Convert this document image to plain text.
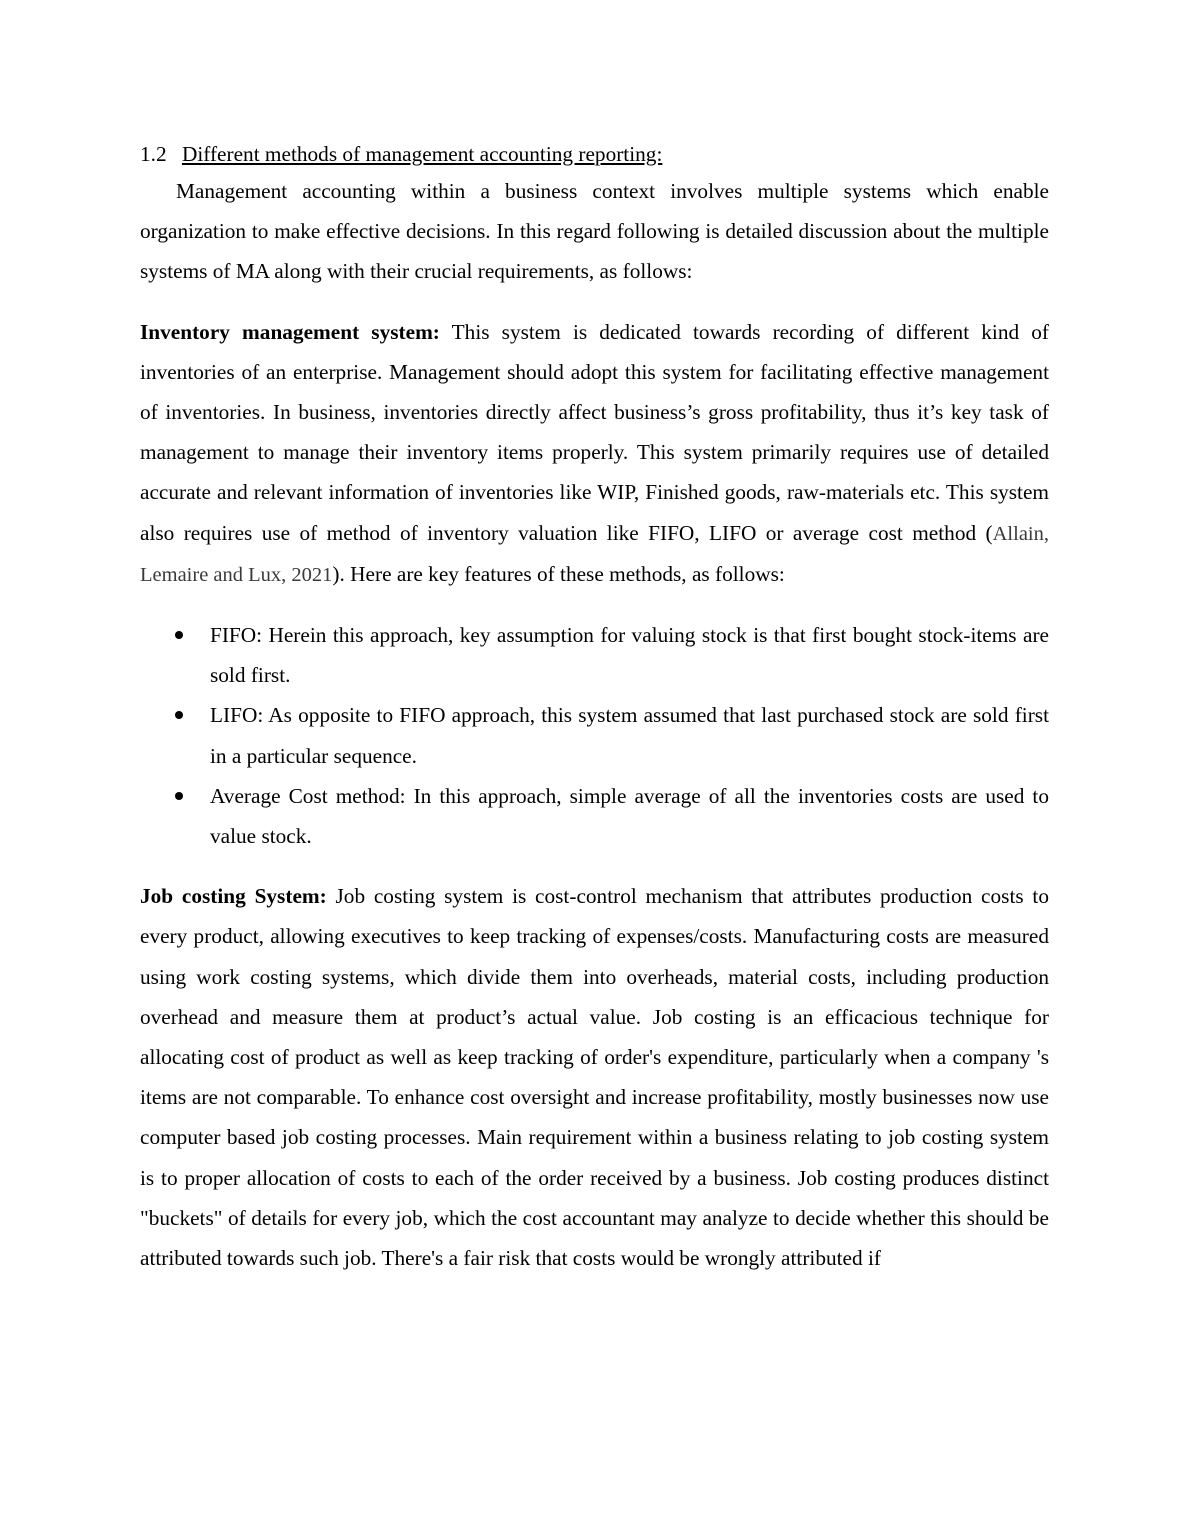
1.2 Different methods of management accounting reporting:

Management accounting within a business context involves multiple systems which enable organization to make effective decisions. In this regard following is detailed discussion about the multiple systems of MA along with their crucial requirements, as follows:

Inventory management system: This system is dedicated towards recording of different kind of inventories of an enterprise. Management should adopt this system for facilitating effective management of inventories. In business, inventories directly affect business’s gross profitability, thus it’s key task of management to manage their inventory items properly. This system primarily requires use of detailed accurate and relevant information of inventories like WIP, Finished goods, raw-materials etc. This system also requires use of method of inventory valuation like FIFO, LIFO or average cost method (Allain, Lemaire and Lux, 2021). Here are key features of these methods, as follows:

FIFO: Herein this approach, key assumption for valuing stock is that first bought stock-items are sold first.
LIFO: As opposite to FIFO approach, this system assumed that last purchased stock are sold first in a particular sequence.
Average Cost method: In this approach, simple average of all the inventories costs are used to value stock.

Job costing System: Job costing system is cost-control mechanism that attributes production costs to every product, allowing executives to keep tracking of expenses/costs. Manufacturing costs are measured using work costing systems, which divide them into overheads, material costs, including production overhead and measure them at product’s actual value. Job costing is an efficacious technique for allocating cost of product as well as keep tracking of order's expenditure, particularly when a company 's items are not comparable. To enhance cost oversight and increase profitability, mostly businesses now use computer based job costing processes. Main requirement within a business relating to job costing system is to proper allocation of costs to each of the order received by a business. Job costing produces distinct "buckets" of details for every job, which the cost accountant may analyze to decide whether this should be attributed towards such job. There's a fair risk that costs would be wrongly attributed if
